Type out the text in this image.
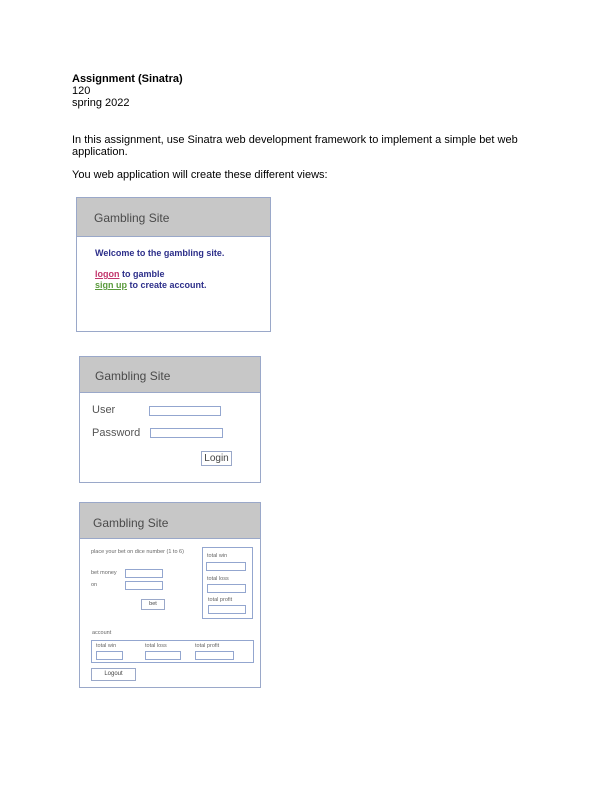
Assignment (Sinatra)
120
spring 2022
In this assignment, use Sinatra web development framework to implement a simple bet web
application.
You web application will create these different views:
Gambling Site
Welcome to the gambling site.
logon to gamble
sign up to create account.
Gambling Site
User
Password
Login
Gambling Site
place your bet on dice number (1 to 6)
bet money
on
bet
total win
total loss
total profit
account
total win	total loss	total profit
Logout
